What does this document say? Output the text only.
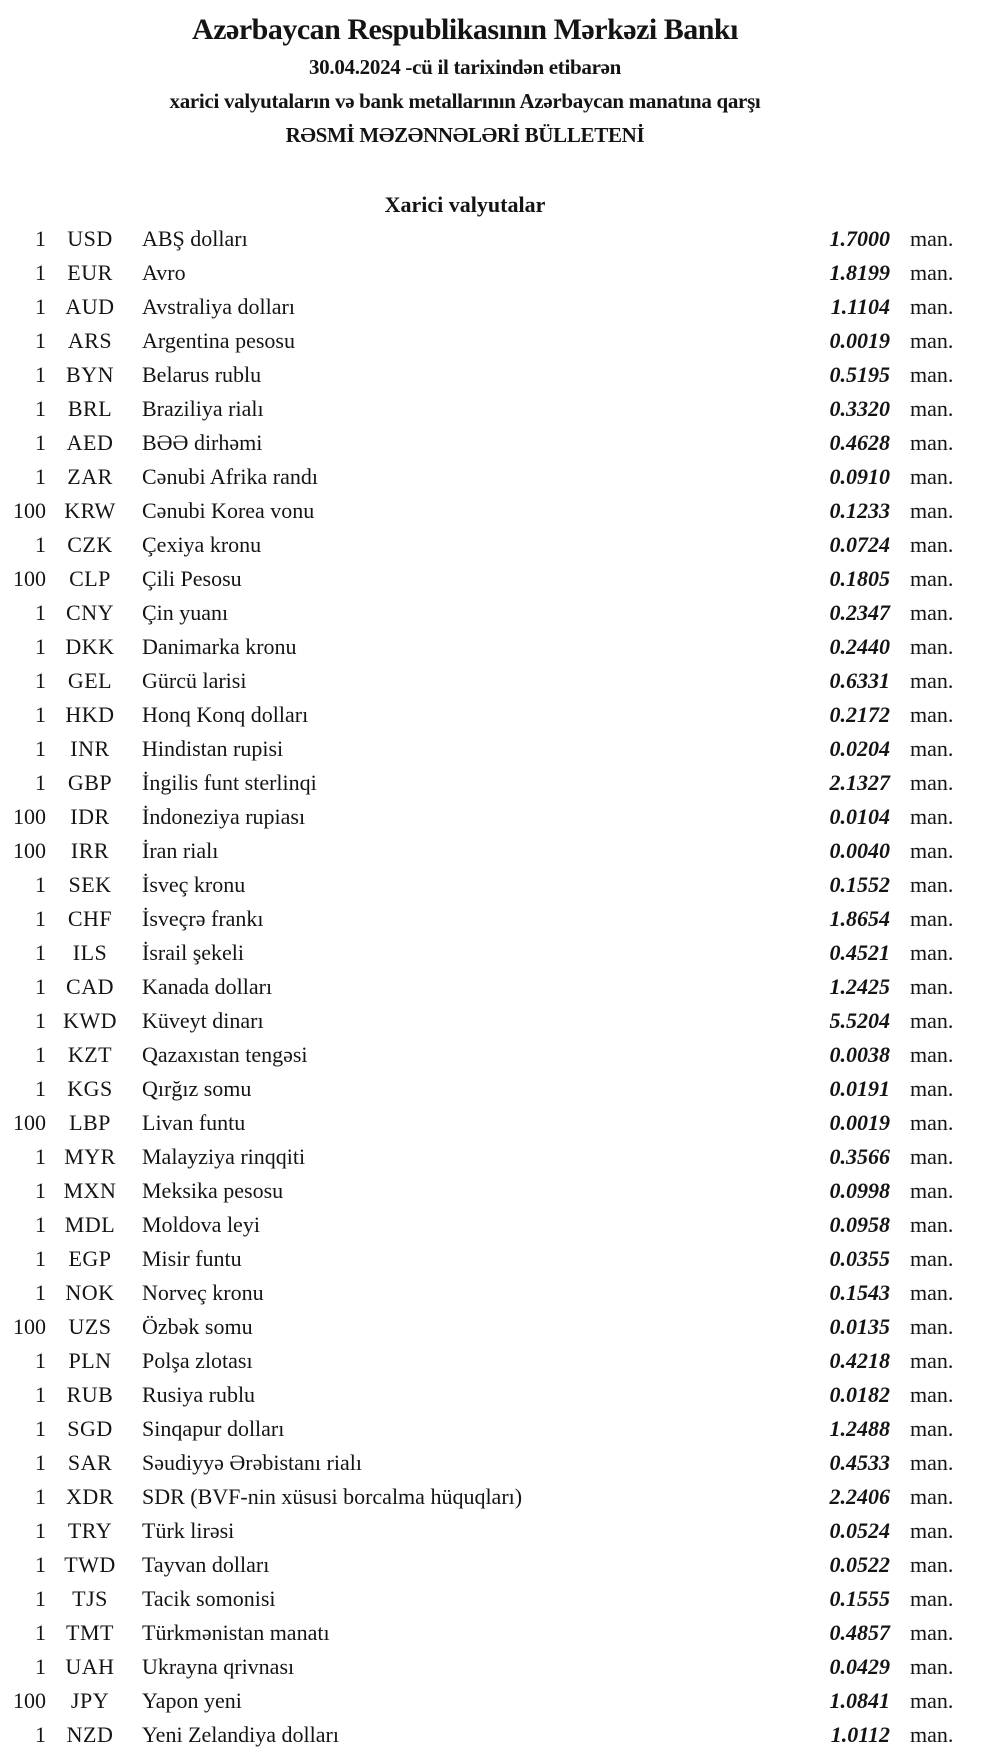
Azərbaycan Respublikasının Mərkəzi Bankı
30.04.2024 -cü il tarixindən etibarən
xarici valyutaların və bank metallarının Azərbaycan manatına qarşı
RƏSMİ MƏZƏNNƏLƏRİ BÜLLETENİ
Xarici valyutalar
1 USD	ABŞ dolları	1.7000 man.
1 EUR	Avro	1.8199 man.
1 AUD	Avstraliya dolları	1.1104 man.
1 ARS	Argentina pesosu	0.0019 man.
1 BYN	Belarus rublu	0.5195 man.
1 BRL	Braziliya rialı	0.3320 man.
1 AED	BƏƏ dirhəmi	0.4628 man.
1 ZAR	Cənubi Afrika randı	0.0910 man.
100 KRW	Cənubi Korea vonu	0.1233 man.
1 CZK	Çexiya kronu	0.0724 man.
100	CLP	Çili Pesosu	0.1805 man.
1 CNY	Çin yuanı	0.2347 man.
1 DKK	Danimarka kronu	0.2440 man.
1 GEL	Gürcü larisi	0.6331 man.
1 HKD	Honq Konq dolları	0.2172 man.
1	INR	Hindistan rupisi	0.0204 man.
1 GBP	İngilis funt sterlinqi	2.1327 man.
100	IDR	İndoneziya rupiası	0.0104 man.
100	IRR	İran rialı	0.0040 man.
1	SEK	İsveç kronu	0.1552 man.
1 CHF	İsveçrə frankı	1.8654 man.
1	ILS	İsrail şekeli	0.4521 man.
1 CAD	Kanada dolları	1.2425 man.
1 KWD	Küveyt dinarı	5.5204 man.
1 KZT	Qazaxıstan tengəsi	0.0038 man.
1 KGS	Qırğız somu	0.0191 man.
100	LBP	Livan funtu	0.0019 man.
1 MYR	Malayziya rinqqiti	0.3566 man.
1 MXN	Meksika pesosu	0.0998 man.
1 MDL	Moldova leyi	0.0958 man.
1	EGP	Misir funtu	0.0355 man.
1 NOK	Norveç kronu	0.1543 man.
100	UZS	Özbək somu	0.0135 man.
1	PLN	Polşa zlotası	0.4218 man.
1 RUB	Rusiya rublu	0.0182 man.
1 SGD	Sinqapur dolları	1.2488 man.
1 SAR	Səudiyyə Ərəbistanı rialı	0.4533 man.
1 XDR	SDR (BVF-nin xüsusi borcalma hüquqları)	2.2406 man.
1 TRY	Türk lirəsi	0.0524 man.
1 TWD	Tayvan dolları	0.0522 man.
1	TJS	Tacik somonisi	0.1555 man.
1 TMT	Türkmənistan manatı	0.4857 man.
1 UAH	Ukrayna qrivnası	0.0429 man.
100	JPY	Yapon yeni	1.0841 man.
1 NZD	Yeni Zelandiya dolları	1.0112 man.
